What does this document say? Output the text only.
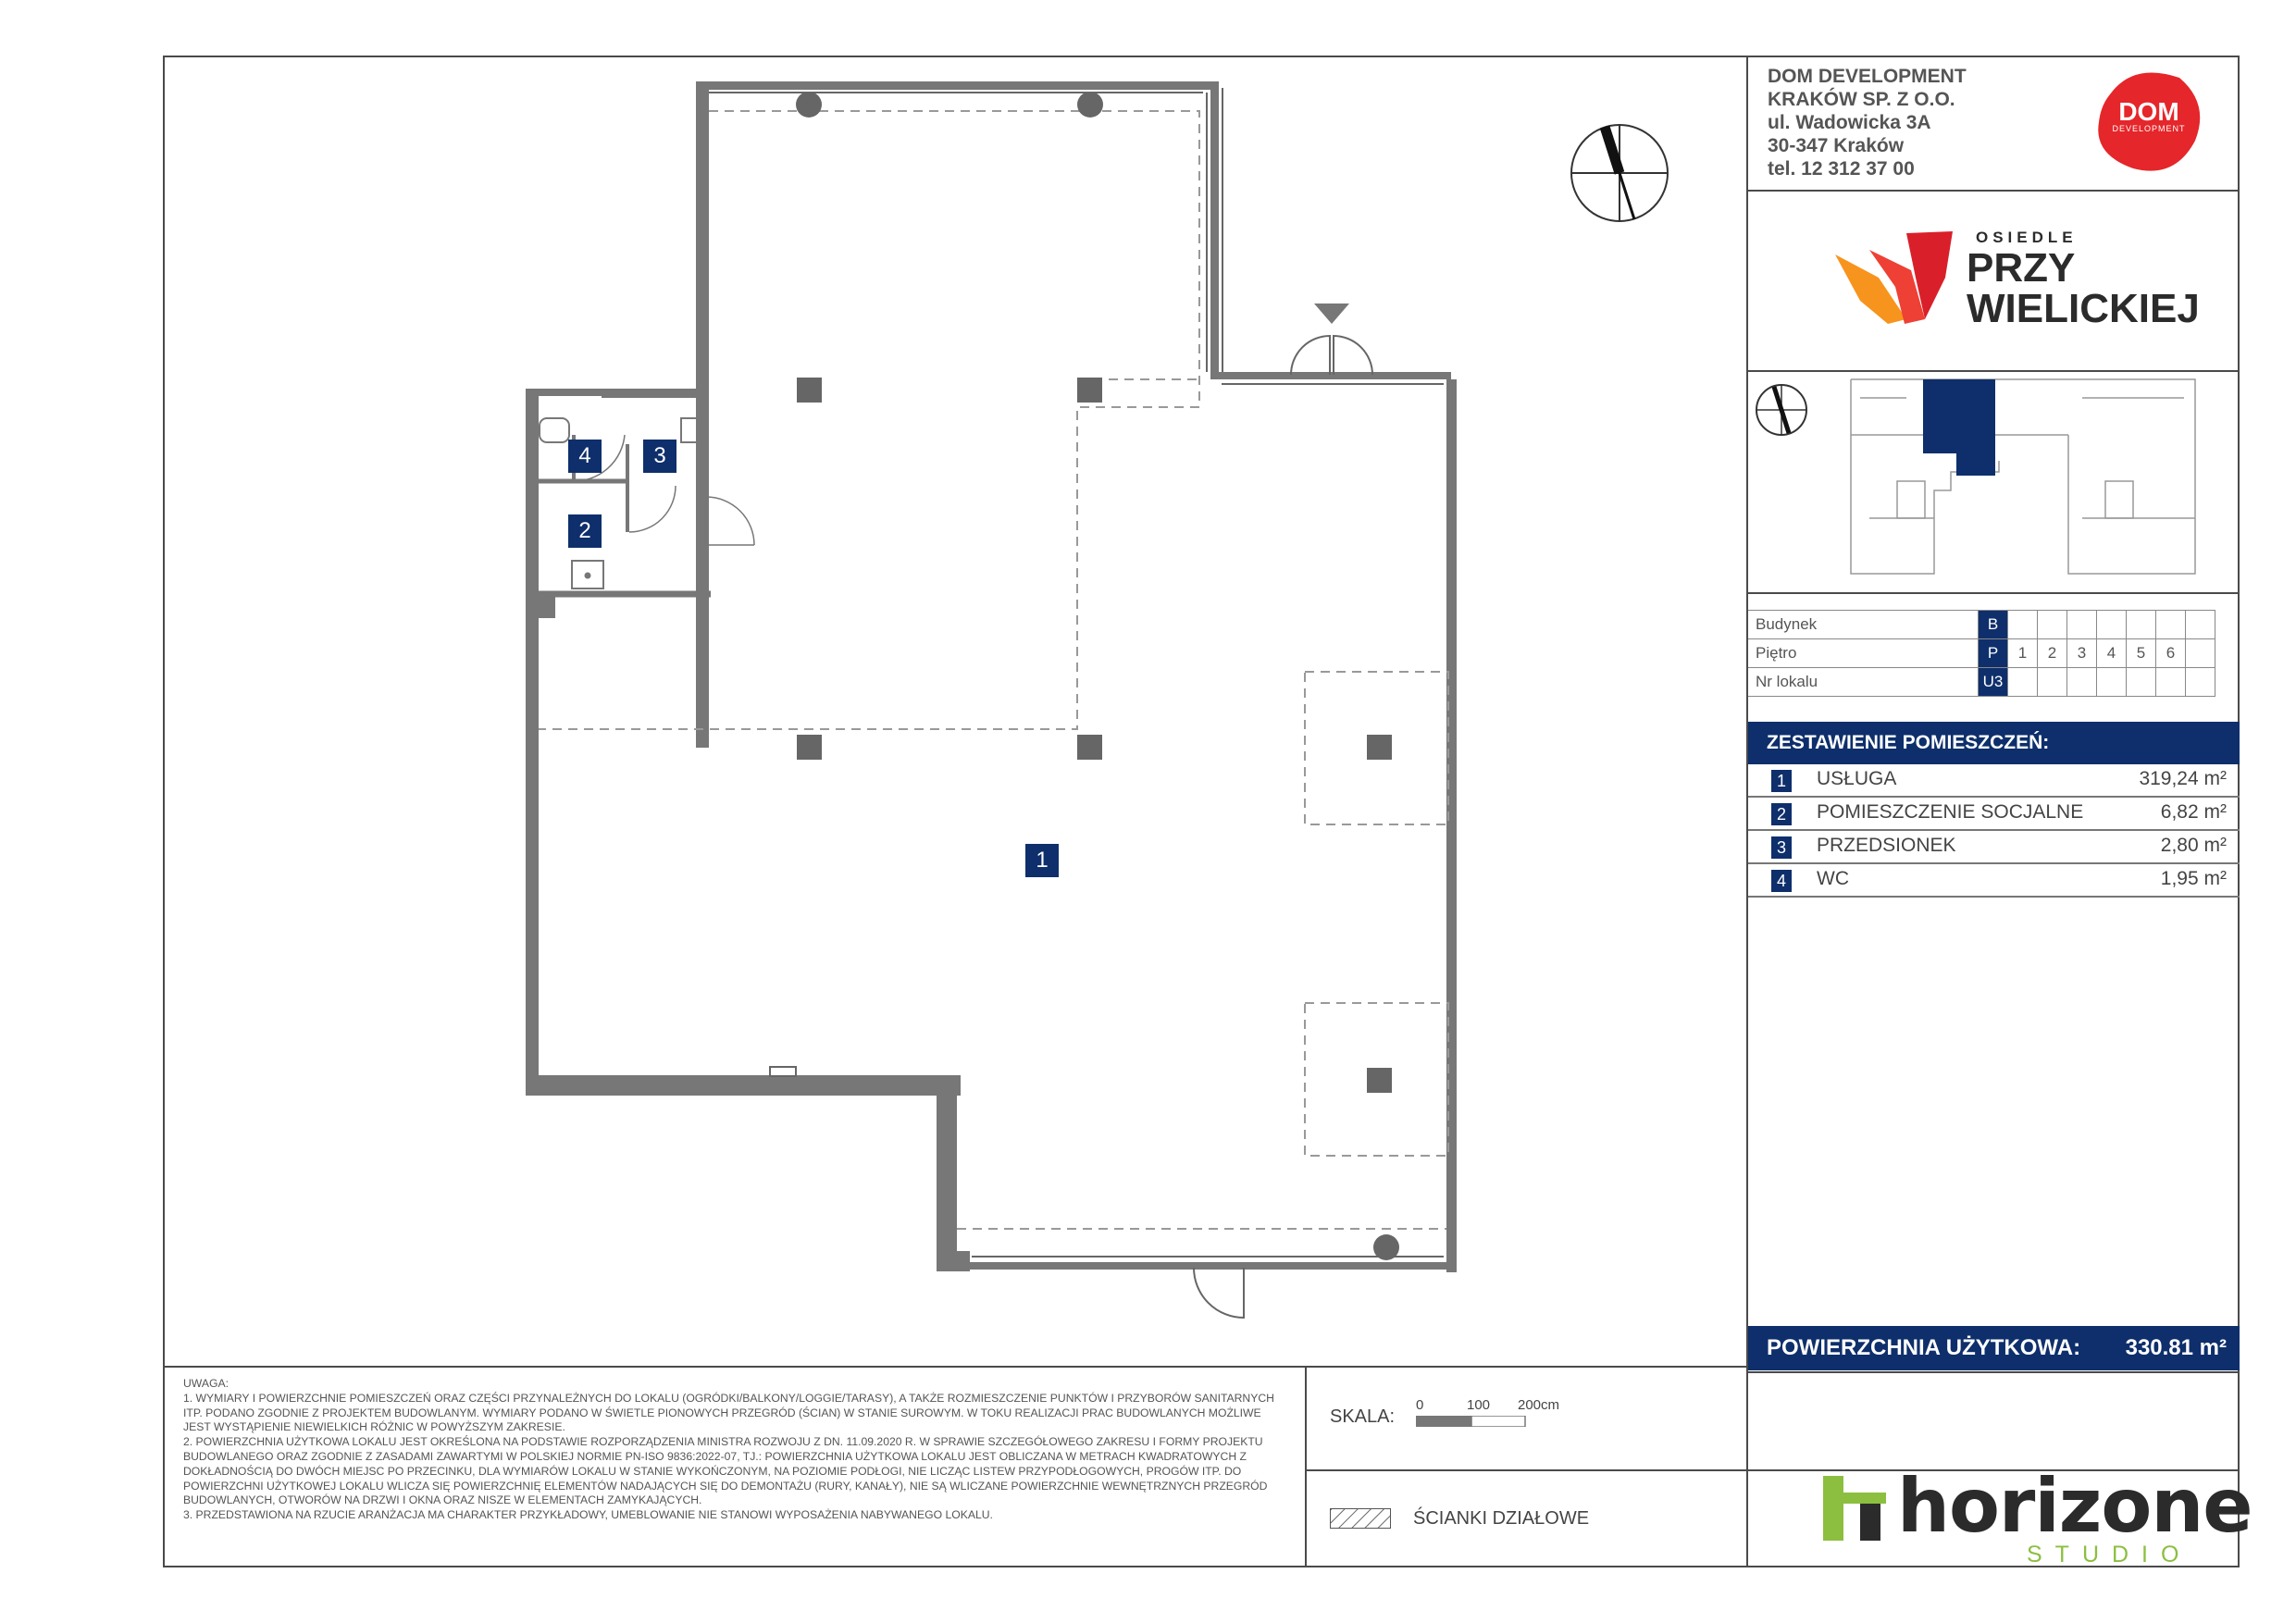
1
2
3
4
DOM DEVELOPMENT
KRAKÓW SP. Z O.O.
ul. Wadowicka 3A
30-347 Kraków
tel. 12 312 37 00
DOM
DEVELOPMENT
OSIEDLE
PRZY
WIELICKIEJ
Budynek	B							
Piętro	P	1	2	3	4	5	6	
Nr lokalu	U3							
ZESTAWIENIE POMIESZCZEŃ:
1 USŁUGA	319,24 m²
2 POMIESZCZENIE SOCJALNE	6,82 m²
3 PRZEDSIONEK	2,80 m²
4 WC	1,95 m²
POWIERZCHNIA UŻYTKOWA: 330.81 m²

UWAGA:

1. WYMIARY I POWIERZCHNIE POMIESZCZEŃ ORAZ CZĘŚCI PRZYNALEŻNYCH DO LOKALU (OGRÓDKI/BALKONY/LOGGIE/TARASY), A TAKŻE ROZMIESZCZENIE PUNKTÓW I PRZYBORÓW SANITARNYCH ITP. PODANO ZGODNIE Z PROJEKTEM BUDOWLANYM. WYMIARY PODANO W ŚWIETLE PIONOWYCH PRZEGRÓD (ŚCIAN) W STANIE SUROWYM. W TOKU REALIZACJI PRAC BUDOWLANYCH MOŻLIWE JEST WYSTĄPIENIE NIEWIELKICH RÓŻNIC W POWYŻSZYM ZAKRESIE.

2. POWIERZCHNIA UŻYTKOWA LOKALU JEST OKREŚLONA NA PODSTAWIE ROZPORZĄDZENIA MINISTRA ROZWOJU Z DN. 11.09.2020 R. W SPRAWIE SZCZEGÓŁOWEGO ZAKRESU I FORMY PROJEKTU BUDOWLANEGO ORAZ ZGODNIE Z ZASADAMI ZAWARTYMI W POLSKIEJ NORMIE PN-ISO 9836:2022-07, TJ.: POWIERZCHNIA UŻYTKOWA LOKALU JEST OBLICZANA W METRACH KWADRATOWYCH Z DOKŁADNOŚCIĄ DO DWÓCH MIEJSC PO PRZECINKU, DLA WYMIARÓW LOKALU W STANIE WYKOŃCZONYM, NA POZIOMIE PODŁOGI, NIE LICZĄC LISTEW PRZYPODŁOGOWYCH, PROGÓW ITP. DO POWIERZCHNI UŻYTKOWEJ LOKALU WLICZA SIĘ POWIERZCHNIĘ ELEMENTÓW NADAJĄCYCH SIĘ DO DEMONTAŻU (RURY, KANAŁY), NIE SĄ WLICZANE POWIERZCHNIE WEWNĘTRZNYCH PRZEGRÓD BUDOWLANYCH, OTWORÓW NA DRZWI I OKNA ORAZ NISZE W ELEMENTACH ZAMYKAJĄCYCH.

3. PRZEDSTAWIONA NA RZUCIE ARANŻACJA MA CHARAKTER PRZYKŁADOWY, UMEBLOWANIE NIE STANOWI WYPOSAŻENIA NABYWANEGO LOKALU.

SKALA:
0	100 200cm
ŚCIANKI DZIAŁOWE	horizone
STUDIO
